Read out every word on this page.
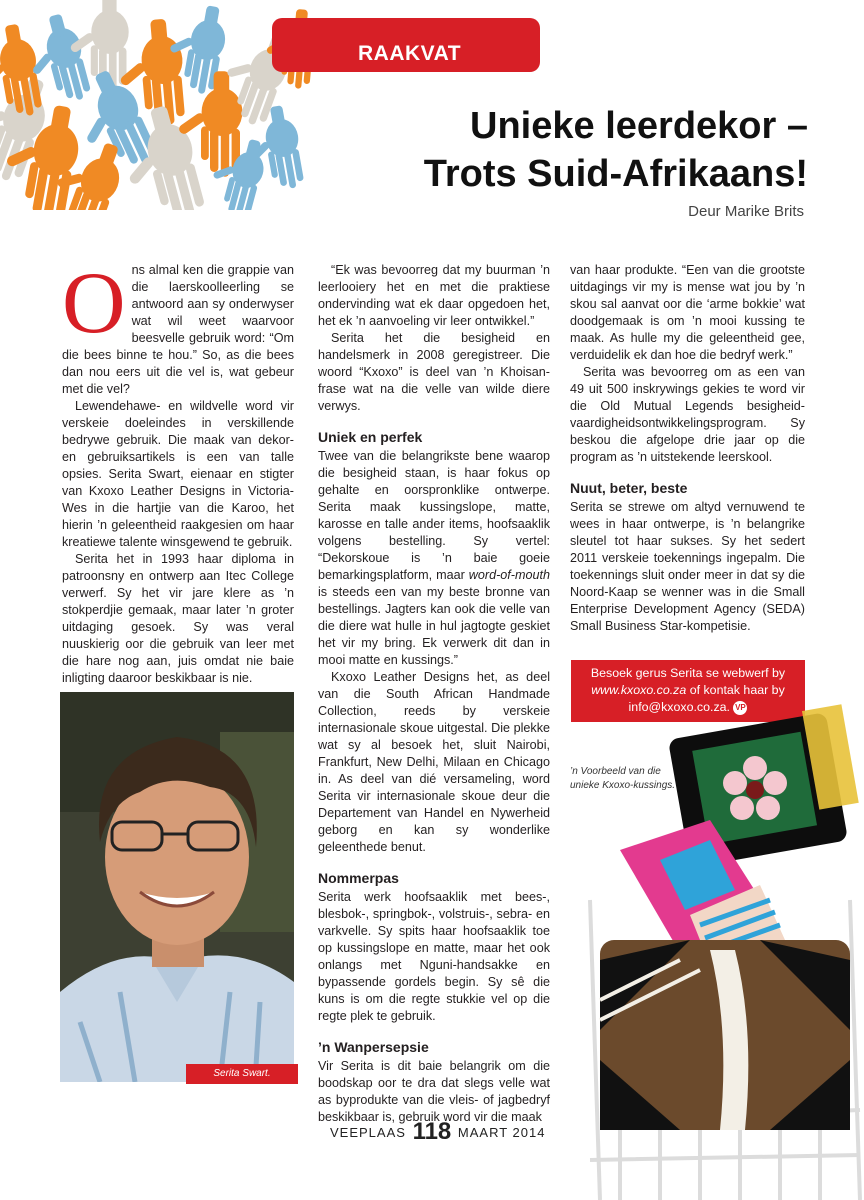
RAAKVAT
Unieke leerdekor –
Trots Suid-Afrikaans!
Deur Marike Brits

Ons almal ken die grappie van die laerskoolleerling se antwoord aan sy onderwyser wat wil weet waarvoor beesvelle gebruik word: “Om die bees binne te hou.” So, as die bees dan nou eers uit die vel is, wat gebeur met die vel?

Lewendehawe- en wildvelle word vir verskeie doeleindes in verskillende bedrywe gebruik. Die maak van dekor- en gebruiksartikels is een van talle opsies. Serita Swart, eienaar en stigter van Kxoxo Leather Designs in Victoria-Wes in die hartjie van die Karoo, het hierin ’n geleentheid raakgesien om haar kreatiewe talente winsgewend te gebruik.

Serita het in 1993 haar diploma in patroonsny en ontwerp aan Itec College verwerf. Sy het vir jare klere as ’n stokperdjie gemaak, maar later ’n groter uitdaging gesoek. Sy was veral nuuskierig oor die gebruik van leer met die hare nog aan, juis omdat nie baie inligting daaroor beskikbaar is nie.

Serita Swart.

“Ek was bevoorreg dat my buurman ’n leerlooiery het en met die praktiese ondervinding wat ek daar opgedoen het, het ek ’n aanvoeling vir leer ontwikkel.”

Serita het die besigheid en handelsmerk in 2008 geregistreer. Die woord “Kxoxo” is deel van ’n Khoisan-frase wat na die velle van wilde diere verwys.

Uniek en perfek

Twee van die belangrikste bene waarop die besigheid staan, is haar fokus op gehalte en oorspronklike ontwerpe. Serita maak kussingslope, matte, karosse en talle ander items, hoofsaaklik volgens bestelling. Sy vertel: “Dekorskoue is ’n baie goeie bemarkingsplatform, maar word-of-mouth is steeds een van my beste bronne van bestellings. Jagters kan ook die velle van die diere wat hulle in hul jagtogte geskiet het vir my bring. Ek verwerk dit dan in mooi matte en kussings.”

Kxoxo Leather Designs het, as deel van die South African Handmade Collection, reeds by verskeie internasionale skoue uitgestal. Die plekke wat sy al besoek het, sluit Nairobi, Frankfurt, New Delhi, Milaan en Chicago in. As deel van dié versameling, word Serita vir internasionale skoue deur die Departement van Handel en Nywerheid geborg en kan sy wonderlike geleenthede benut.

Nommerpas

Serita werk hoofsaaklik met bees-, blesbok-, springbok-, volstruis-, sebra- en varkvelle. Sy spits haar hoofsaaklik toe op kussingslope en matte, maar het ook onlangs met Nguni-handsakke en bypassende gordels begin. Sy sê die kuns is om die regte stukkie vel op die regte plek te gebruik.

’n Wanpersepsie

Vir Serita is dit baie belangrik om die boodskap oor te dra dat slegs velle wat as byprodukte van die vleis- of jagbedryf beskikbaar is, gebruik word vir die maak

van haar produkte. “Een van die grootste uitdagings vir my is mense wat jou by ’n skou sal aanvat oor die ‘arme bokkie’ wat doodgemaak is om ’n mooi kussing te maak. As hulle my die geleentheid gee, verduidelik ek dan hoe die bedryf werk.”

Serita was bevoorreg om as een van 49 uit 500 inskrywings gekies te word vir die Old Mutual Legends besigheid-vaardigheidsontwikkelingsprogram. Sy beskou die afgelope drie jaar op die program as ’n uitstekende leerskool.

Nuut, beter, beste

Serita se strewe om altyd vernuwend te wees in haar ontwerpe, is ’n belangrike sleutel tot haar sukses. Sy het sedert 2011 verskeie toekennings ingepalm. Die toekennings sluit onder meer in dat sy die Noord-Kaap se wenner was in die Small Enterprise Development Agency (SEDA) Small Business Star-kompetisie.

Besoek gerus Serita se webwerf by
www.kxoxo.co.za of kontak haar by
info@kxoxo.co.za. VP
’n Voorbeeld van die unieke Kxoxo-kussings.
VEEPLAAS 118 MAART 2014
